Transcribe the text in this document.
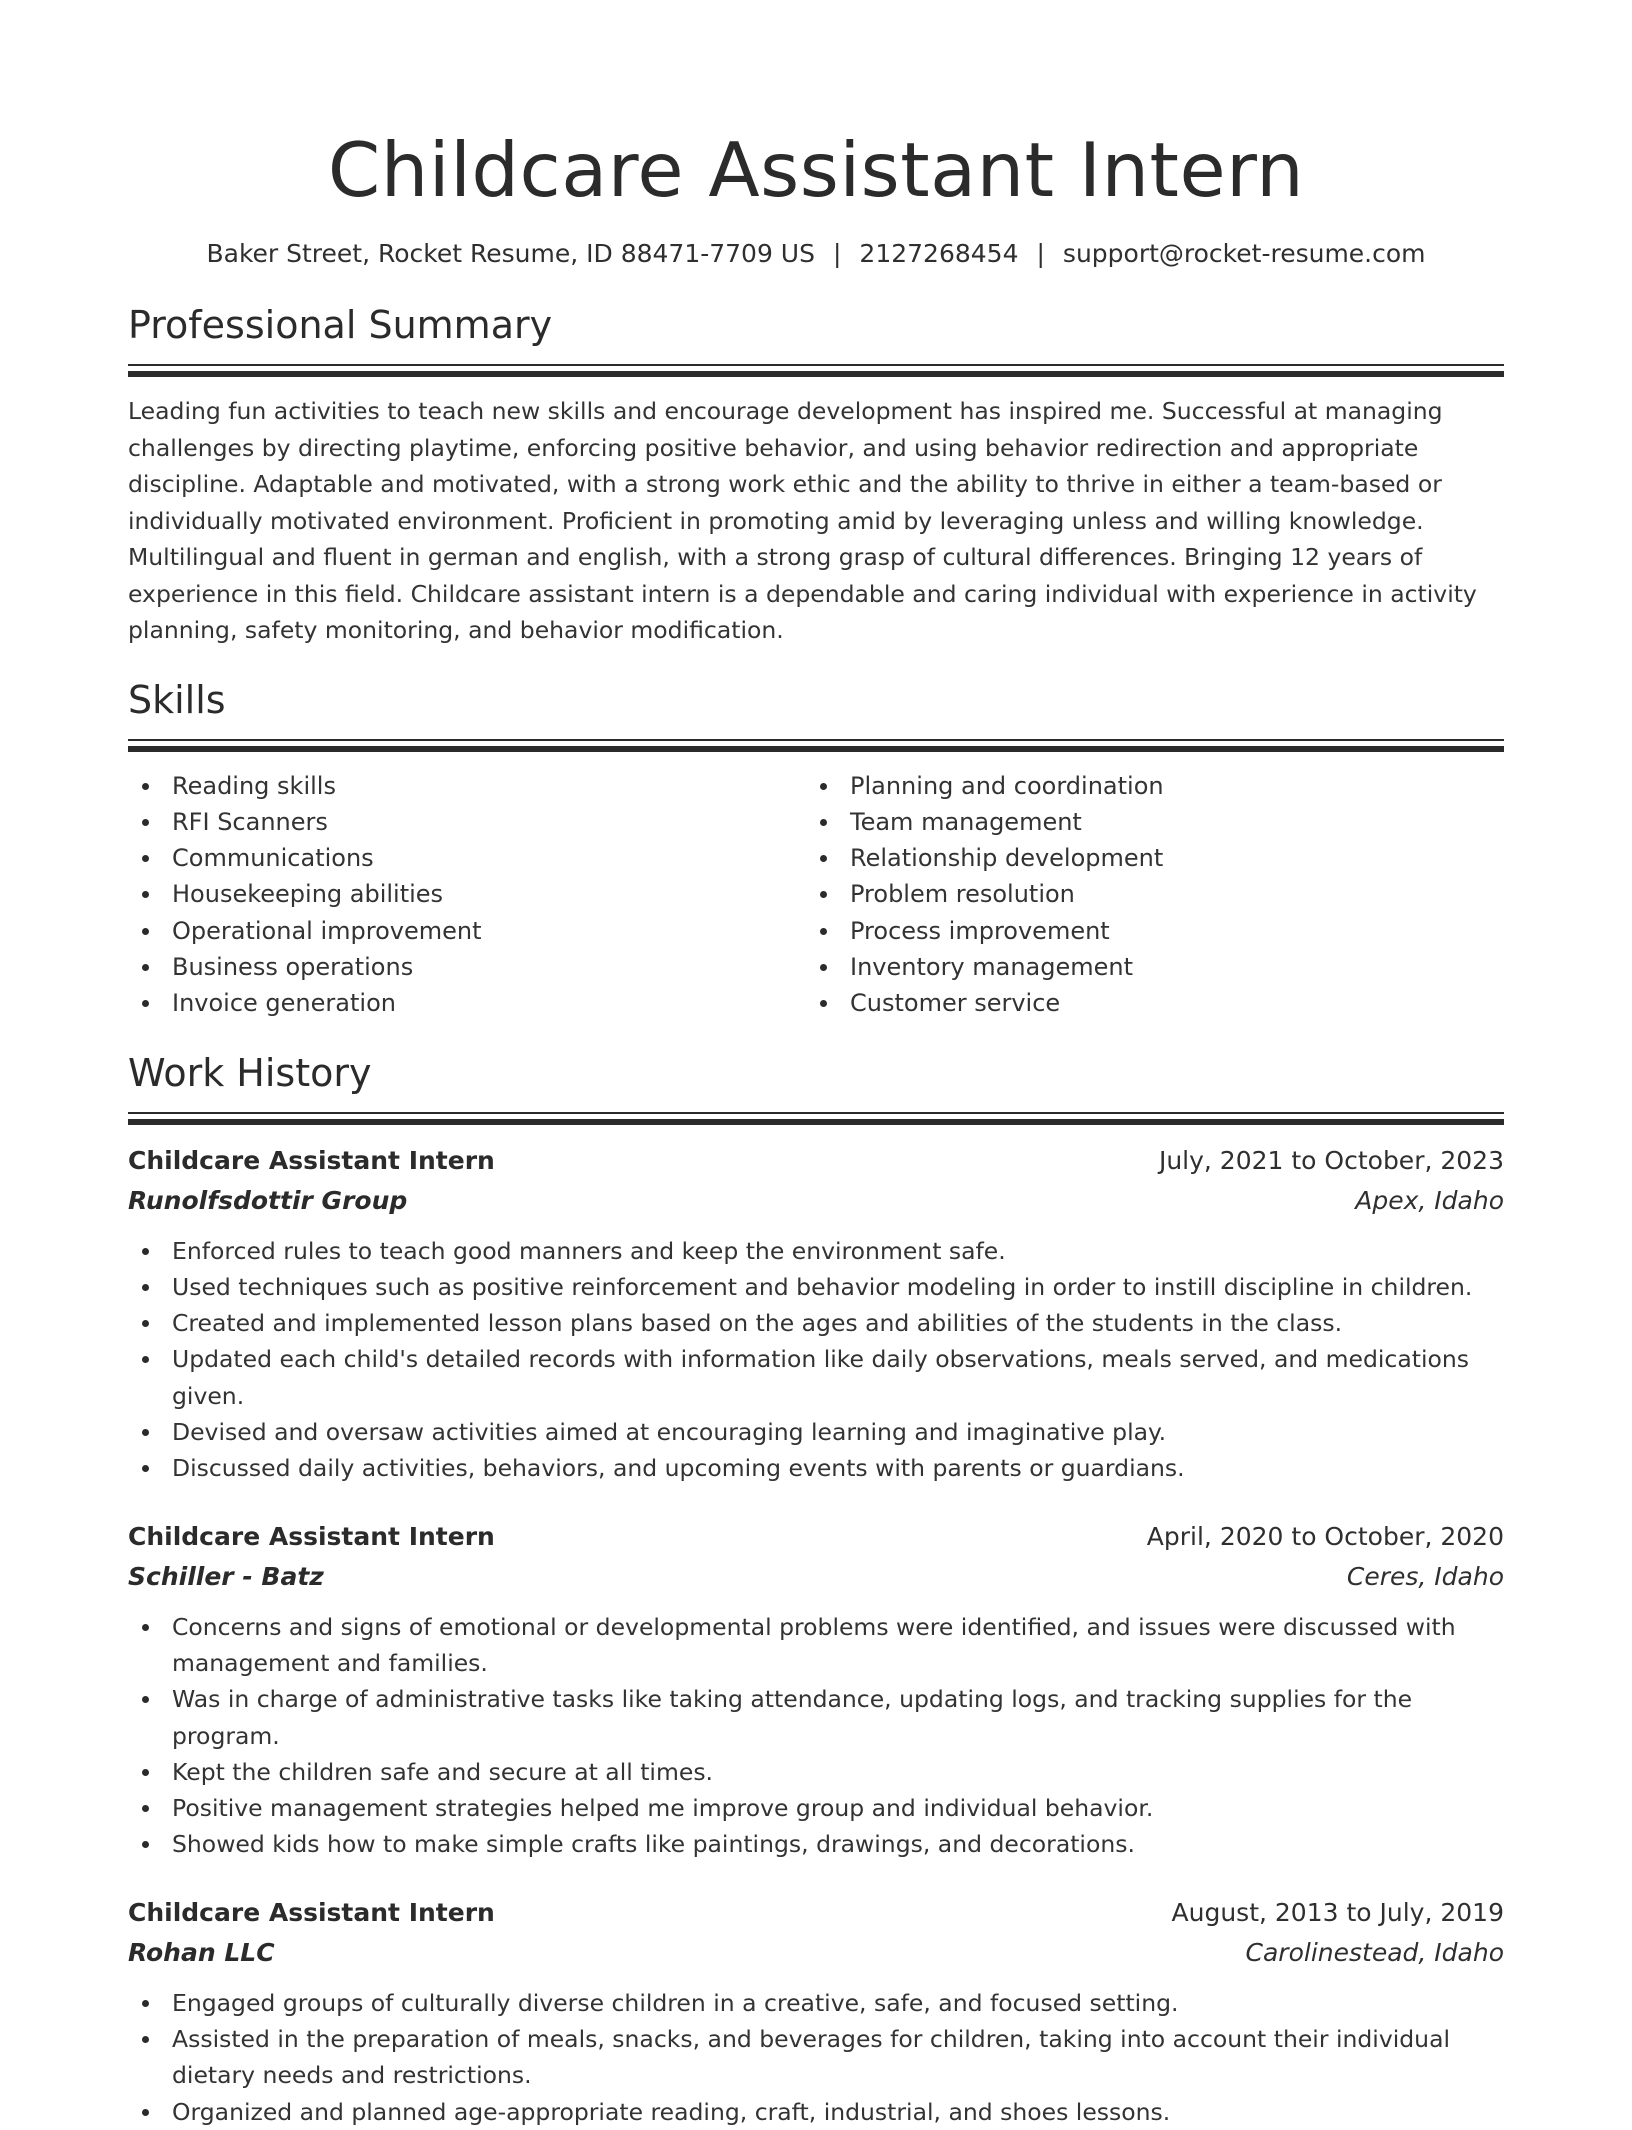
Childcare Assistant Intern
Baker Street, Rocket Resume, ID 88471-7709 US | 2127268454 | support@rocket-resume.com
Professional Summary

Leading fun activities to teach new skills and encourage development has inspired me. Successful at managing challenges by directing playtime, enforcing positive behavior, and using behavior redirection and appropriate discipline. Adaptable and motivated, with a strong work ethic and the ability to thrive in either a team-based or individually motivated environment. Proficient in promoting amid by leveraging unless and willing knowledge. Multilingual and fluent in german and english, with a strong grasp of cultural differences. Bringing 12 years of experience in this field. Childcare assistant intern is a dependable and caring individual with experience in activity planning, safety monitoring, and behavior modification.

Skills
Reading skills
RFI Scanners
Communications
Housekeeping abilities
Operational improvement
Business operations
Invoice generation
Planning and coordination
Team management
Relationship development
Problem resolution
Process improvement
Inventory management
Customer service
Work History
Childcare Assistant Intern	July, 2021 to October, 2023
Runolfsdottir Group	Apex, Idaho
Enforced rules to teach good manners and keep the environment safe.
Used techniques such as positive reinforcement and behavior modeling in order to instill discipline in children.
Created and implemented lesson plans based on the ages and abilities of the students in the class.
Updated each child's detailed records with information like daily observations, meals served, and medications given.
Devised and oversaw activities aimed at encouraging learning and imaginative play.
Discussed daily activities, behaviors, and upcoming events with parents or guardians.
Childcare Assistant Intern	April, 2020 to October, 2020
Schiller - Batz	Ceres, Idaho
Concerns and signs of emotional or developmental problems were identified, and issues were discussed with management and families.
Was in charge of administrative tasks like taking attendance, updating logs, and tracking supplies for the program.
Kept the children safe and secure at all times.
Positive management strategies helped me improve group and individual behavior.
Showed kids how to make simple crafts like paintings, drawings, and decorations.
Childcare Assistant Intern	August, 2013 to July, 2019
Rohan LLC	Carolinestead, Idaho
Engaged groups of culturally diverse children in a creative, safe, and focused setting.
Assisted in the preparation of meals, snacks, and beverages for children, taking into account their individual dietary needs and restrictions.
Organized and planned age-appropriate reading, craft, industrial, and shoes lessons.
